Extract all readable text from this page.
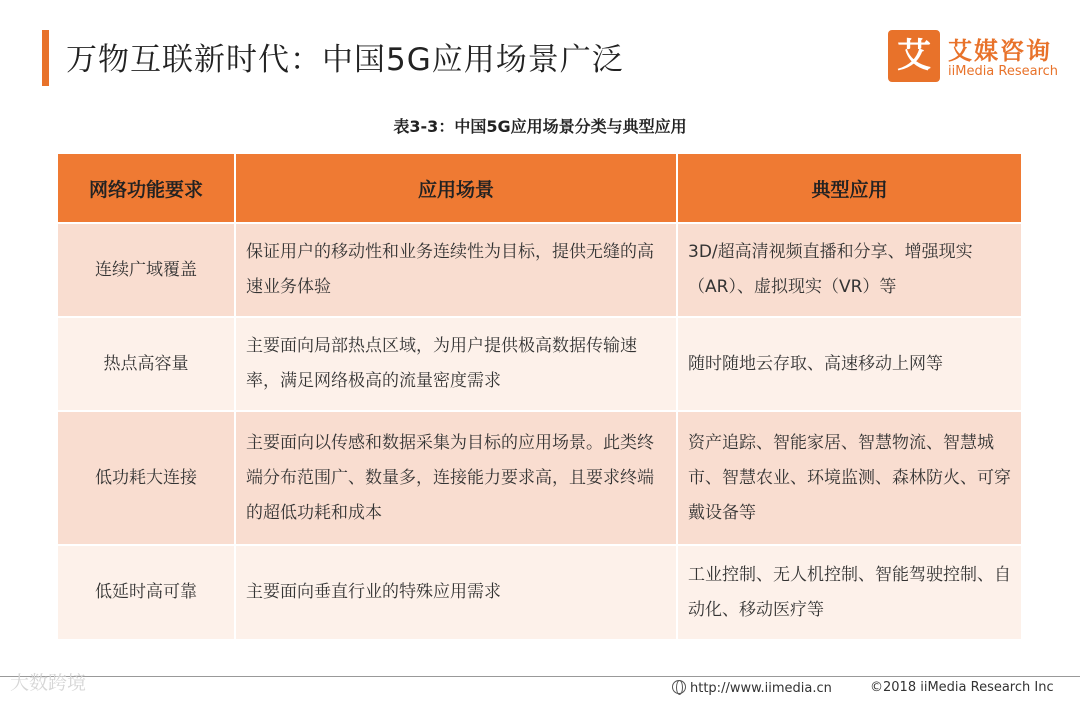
万物互联新时代：中国5G应用场景广泛	艾 艾媒咨询
iiMedia Research
表3-3：中国5G应用场景分类与典型应用
网络功能要求	应用场景	典型应用
连续广域覆盖	保证用户的移动性和业务连续性为目标，提供无缝的高速业务体验	3D/超高清视频直播和分享、增强现实（AR）、虚拟现实（VR）等
热点高容量	主要面向局部热点区域，为用户提供极高数据传输速率，满足网络极高的流量密度需求	随时随地云存取、高速移动上网等
低功耗大连接	主要面向以传感和数据采集为目标的应用场景。此类终端分布范围广、数量多，连接能力要求高，且要求终端的超低功耗和成本	资产追踪、智能家居、智慧物流、智慧城市、智慧农业、环境监测、森林防火、可穿戴设备等
低延时高可靠	主要面向垂直行业的特殊应用需求	工业控制、无人机控制、智能驾驶控制、自动化、移动医疗等
大数跨境	http://www.iimedia.cn	©2018 iiMedia Research Inc
